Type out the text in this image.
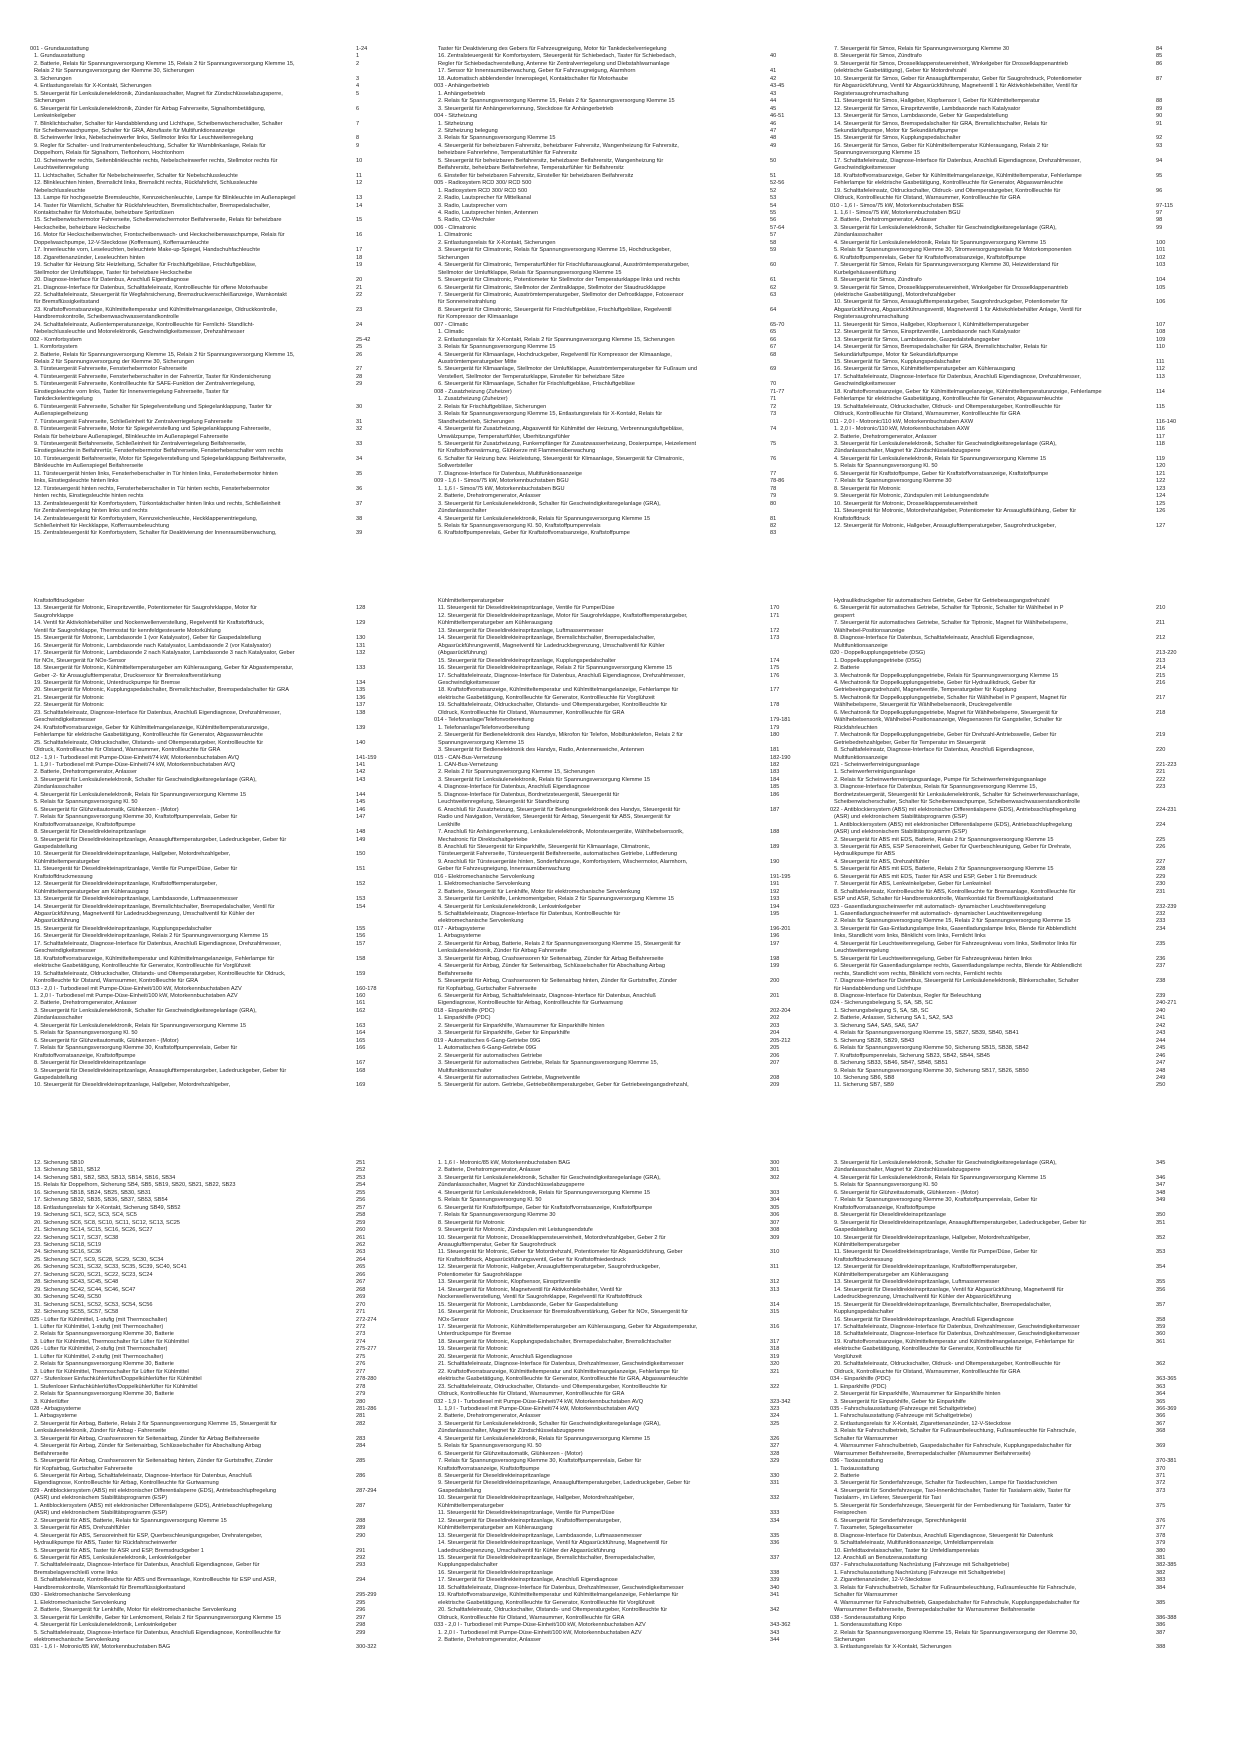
001 - Grundausstattung	1-24
1. Grundausstattung	1
2. Batterie, Relais für Spannungsversorgung Klemme 15, Relais 2 für Spannungsversorgung Klemme 15,	2
Relais 2 für Spannungsversorgung der Klemme 30, Sicherungen
3. Sicherungen	3
4. Entlastungsrelais für X-Kontakt, Sicherungen	4
5. Steuergerät für Lenksäulenelektronik, Zündanlassschalter, Magnet für Zündschlüsselabzugsperre,	5
Sicherungen
6. Steuergerät für Lenksäulenelektronik, Zünder für Airbag Fahrerseite, Signalhornbetätigung,	6
Lenkwinkelgeber
7. Blinklichtschalter, Schalter für Handabblendung und Lichthupe, Scheibenwischerschalter, Schalter	7
für Scheibenwaschpumpe, Schalter für GRA, Abrufiaste für Multifunktionsanzeige
8. Scheinwerfer links, Nebelscheinwerfer links, Stellmotor links für Leuchtweitenregelung	8
9. Regler für Schalter- und Instrumentenbeleuchtung, Schalter für Warnblinkanlage, Relais für	9
Doppelhorn, Relais für Signalhorn, Tieftonhorn, Hochtonhorn
10. Scheinwerfer rechts, Seitenblinkleuchte rechts, Nebelscheinwerfer rechts, Stellmotor rechts für	10
Leuchtweitenregelung
11. Lichtschalter, Schalter für Nebelscheinwerfer, Schalter für Nebelschlussleuchte	11
12. Blinkleuchten hinten, Bremslicht links, Bremslicht rechts, Rückfahrlicht, Schlussleuchte	12
Nebelschlussleuchte
13. Lampe für hochgesetzte Bremsleuchte, Kennzeichenleuchte, Lampe für Blinkleuchte im Außenspiegel	13
14. Taster für Warnlicht, Schalter für Rückfahrleuchten, Bremslichtschalter, Bremspedalschalter,	14
Kontaktschalter für Motorhaube, beheizbare Spritzdüsen
15. Scheibenwischermotor Fahrerseite, Scheibenwischermotor Beifahrerseite, Relais für beheizbare	15
Heckscheibe, beheizbare Heckscheibe
16. Motor für Heckscheibenwischer, Frontscheibenwasch- und Heckscheibenwaschpumpe, Relais für	16
Doppelwaschpumpe, 12-V-Steckdose (Kofferraum), Kofferraumleuchte
17. Innenleuchte vorn, Leseleuchten, beleuchtete Make-up-Spiegel, Handschuhfachleuchte	17
18. Zigarettenanzünder, Leseleuchten hinten	18
19. Schalter für Heizung Sitz Heizleitung, Schalter für Frischluftgebläse, Frischluftgebläse,	19
Stellmotor der Umluftklappe, Taster für beheizbare Heckscheibe
20. Diagnose-Interface für Datenbus, Anschluß Eigendiagnose	20
21. Diagnose-Interface für Datenbus, Schalttafeleinsatz, Kontrollleuchte für offene Motorhaube	21
22. Schalttafeleinsatz, Steuergerät für Wegfahrsicherung, Bremsdruckverschleißanzeige, Warnkontakt	22
für Bremsflüssigkeitsstand
23. Kraftstoffvorratsanzeige, Kühlmitteltemperatur und Kühlmittelmangelanzeige, Öldruckkontrolle,	23
Handbremskontrolle, Scheibenwaschwasserstandkontrolle
24. Schalttafeleinsatz, Außentemperaturanzeige, Kontrollleuchte für Fernlicht- Standlicht-	24
Nebelschlussleuchte und Motorelektronik, Geschwindigkeitsmesser, Drehzahlmesser
002 - Komfortsystem	25-42
1. Komfortsystem	25
2. Batterie, Relais für Spannungsversorgung Klemme 15, Relais 2 für Spannungsversorgung Klemme 15,	26
Relais 2 für Spannungsversorgung der Klemme 30, Sicherungen
3. Türsteuergerät Fahrerseite, Fensterhebermotor Fahrerseite	27
4. Türsteuergerät Fahrerseite, Fensterheberschalter in der Fahrertür, Taster für Kindersicherung	28
5. Türsteuergerät Fahrerseite, Kontrollleuchte für SAFE-Funktion der Zentralverriegelung,	29
Einstiegsleuchte vorn links, Taster für Innenverriegelung Fahrerseite, Taster für
Tankdeckelentriegelung
6. Türsteuergerät Fahrerseite, Schalter für Spiegelverstellung und Spiegelanklappung, Taster für	30
Außenspiegelheizung
7. Türsteuergerät Fahrerseite, Schließeinheit für Zentralverriegelung Fahrerseite	31
8. Türsteuergerät Fahrerseite, Motor für Spiegelverstellung und Spiegelanklappung Fahrerseite,	32
Relais für beheizbare Außenspiegel, Blinkleuchte im Außenspiegel Fahrerseite
9. Türsteuergerät Beifahrerseite, Schließeinheit für Zentralverriegelung Beifahrerseite,	33
Einstiegsleuchte in Beifahrertür, Fensterhebermotor Beifahrerseite, Fensterheberschalter vorn rechts
10. Türsteuergerät Beifahrerseite, Motor für Spiegelverstellung und Spiegelanklappung Beifahrerseite,	34
Blinkleuchte im Außenspiegel Beifahrerseite
11. Türsteuergerät hinten links, Fensterheberschalter in Tür hinten links, Fensterhebermotor hinten	35
links, Einstiegsleuchte hinten links
12. Türsteuergerät hinten rechts, Fensterheberschalter in Tür hinten rechts, Fensterhebermotor	36
hinten rechts, Einstiegsleuchte hinten rechts
13. Zentralsteuergerät für Komfortsystem, Türkontaktschalter hinten links und rechts, Schließeinheit	37
für Zentralverriegelung hinten links und rechts
14. Zentralsteuergerät für Komfortsystem, Kennzeichenleuchte, Heckklappenentriegelung,	38
Schließeinheit für Heckklappe, Kofferraumbeleuchtung
15. Zentralsteuergerät für Komfortsystem, Schalter für Deaktivierung der Innenraumüberwachung,	39
Taster für Deaktivierung des Gebers für Fahrzeugneigung, Motor für Tankdeckelverriegelung
16. Zentralsteuergerät für Komfortsystem, Steuergerät für Schiebedach, Taster für Schiebedach,	40
Regler für Schiebedachverstellung, Antenne für Zentralverriegelung und Diebstahlwarnanlage
17. Sensor für Innenraumüberwachung, Geber für Fahrzeugneigung, Alarmhorn	41
18. Automatisch abblendender Innenspiegel, Kontaktschalter für Motorhaube	42
003 - Anhängerbetrieb	43-45
1. Anhängerbetrieb	43
2. Relais für Spannungsversorgung Klemme 15, Relais 2 für Spannungsversorgung Klemme 15	44
3. Steuergerät für Anhängererkennung, Steckdose für Anhängerbetrieb	45
004 - Sitzheizung	46-51
1. Sitzheizung	46
2. Sitzheizung belegung	47
3. Relais für Spannungsversorgung Klemme 15	48
4. Steuergerät für beheizbaren Fahrersitz, beheizbarer Fahrersitz, Wangenheizung für Fahrersitz,	49
beheizbare Fahrerlehne, Temperaturfühler für Fahrersitz
5. Steuergerät für beheizbaren Beifahrersitz, beheizbarer Beifahrersitz, Wangenheizung für	50
Beifahrersitz, beheizbare Beifahrerlehne, Temperaturfühler für Beifahrersitz
6. Einsteller für beheizbaren Fahrersitz, Einsteller für beheizbaren Beifahrersitz	51
005 - Radiosystem RCD 300/ RCD 500	52-56
1. Radiosystem RCD 300/ RCD 500	52
2. Radio, Lautsprecher für Mittelkanal	53
3. Radio, Lautsprecher vorn	54
4. Radio, Lautsprecher hinten, Antennen	55
5. Radio, CD-Wechsler	56
006 - Climatronic	57-64
1. Climatronic	57
2. Entlastungsrelais für X-Kontakt, Sicherungen	58
3. Steuergerät für Climatronic, Relais für Spannungsversorgung Klemme 15, Hochdruckgeber,	59
Sicherungen
4. Steuergerät für Climatronic, Temperaturfühler für Frischluftansaugkanal, Ausströmtemperaturgeber,	60
Stellmotor der Umluftklappe, Relais für Spannungsversorgung Klemme 15
5. Steuergerät für Climatronic, Potentiometer für Stellmotor der Temperaturklappe links und rechts	61
6. Steuergerät für Climatronic, Stellmotor der Zentralklappe, Stellmotor der Staudruckklappe	62
7. Steuergerät für Climatronic, Ausströmtemperaturgeber, Stellmotor der Defrostklappe, Fotosensor	63
für Sonneneinstrahlung
8. Steuergerät für Climatronic, Steuergerät für Frischluftgebläse, Frischluftgebläse, Regelventil	64
für Kompressor der Klimaanlage
007 - Climatic	65-70
1. Climatic	65
2. Entlastungsrelais für X-Kontakt, Relais 2 für Spannungsversorgung Klemme 15, Sicherungen	66
3. Relais für Spannungsversorgung Klemme 15	67
4. Steuergerät für Klimaanlage, Hochdruckgeber, Regelventil für Kompressor der Klimaanlage,	68
Ausströmtemperaturgeber Mitte
5. Steuergerät für Klimaanlage, Stellmotor der Umluftklappe, Ausströmtemperaturgeber für Fußraum und	69
Verstellert, Stellmotor der Temperaturklappe, Einsteller für beheizbare Sitze
6. Steuergerät für Klimaanlage, Schalter für Frischluftgebläse, Frischluftgebläse	70
008 - Zusatzheizung (Zuheizer)	71-77
1. Zusatzheizung (Zuheizer)	71
2. Relais für Frischluftgebläse, Sicherungen	72
3. Relais für Spannungsversorgung Klemme 15, Entlastungsrelais für X-Kontakt, Relais für	73
Standheizbetrieb, Sicherungen
4. Steuergerät für Zusatzheizung, Abgasventil für Kühlmittel der Heizung, Verbrennungsluftgebläse,	74
Umwälzpumpe, Temperaturfühler, Überhitzungsfühler
5. Steuergerät für Zusatzheizung, Funkempfänger für Zusatzwasserheizung, Dosierpumpe, Heizelement	75
für Kraftstoffvorwärmung, Glühkerze mit Flammenüberwachung
6. Schalter für Heizung bzw. Heizleistung, Steuergerät für Klimaanlage, Steuergerät für Climatronic,	76
Sollwertsteller
7. Diagnose-Interface für Datenbus, Multifunktionsanzeige	77
009 - 1,6 l - Simos/75 kW, Motorkennbuchstaben BGU	78-86
1. 1,6 l - Simos/75 kW, Motorkennbuchstaben BGU	78
2. Batterie, Drehstromgenerator, Anlasser	79
3. Steuergerät für Lenksäulenelektronik, Schalter für Geschwindigkeitsregelanlage (GRA),	80
Zündanlassschalter
4. Steuergerät für Lenksäulenelektronik, Relais für Spannungsversorgung Klemme 15	81
5. Relais für Spannungsversorgung Kl. 50, Kraftstoffpumpenrelais	82
6. Kraftstoffpumpenrelais, Geber für Kraftstoffvorratsanzeige, Kraftstoffpumpe	83
7. Steuergerät für Simos, Relais für Spannungsversorgung Klemme 30	84
8. Steuergerät für Simos, Zündtrafo	85
9. Steuergerät für Simos, Drosselklappensteuereinheit, Winkelgeber für Drosselklappenantrieb	86
(elektrische Gasbetätigung), Geber für Motordrehzahl
10. Steuergerät für Simos, Geber für Ansauglufttemperatur, Geber für Saugrohrdruck, Potentiometer	87
für Abgasrückführung, Ventil für Abgasrückführung, Magnetventil 1 für Aktivkohlebehälter, Ventil für
Registersaugrohrumschaltung
11. Steuergerät für Simos, Hallgeber, Klopfsensor I, Geber für Kühlmitteltemperatur	88
12. Steuergerät für Simos, Einspritzventile, Lambdasonde nach Katalysator	89
13. Steuergerät für Simos, Lambdasonde, Geber für Gaspedalstellung	90
14. Steuergerät für Simos, Bremspedalschalter für GRA, Bremslichtschalter, Relais für	91
Sekundärluftpumpe, Motor für Sekundärluftpumpe
15. Steuergerät für Simos, Kupplungspedalschalter	92
16. Steuergerät für Simos, Geber für Kühlmitteltemperatur Kühlerausgang, Relais 2 für	93
Spannungsversorgung Klemme 15
17. Schalttafeleinsatz, Diagnose-Interface für Datenbus, Anschluß Eigendiagnose, Drehzahlmesser,	94
Geschwindigkeitsmesser
18. Kraftstoffvorratsanzeige, Geber für Kühlmittelmangelanzeige, Kühlmitteltemperatur, Fehlerlampe	95
Fehlerlampe für elektrische Gasbetätigung, Kontrollleuchte für Generator, Abgaswarnleuchte
19. Schalttafeleinsatz, Öldruckschalter, Öldruck- und Öltemperaturgeber, Kontrollleuchte für	96
Öldruck, Kontrollleuchte für Ölstand, Warnsummer, Kontrollleuchte für GRA
010 - 1,6 l - Simos/75 kW, Motorkennbuchstaben BSE	97-115
1. 1,6 l - Simos/75 kW, Motorkennbuchstaben BGU	97
2. Batterie, Drehstromgenerator, Anlasser	98
3. Steuergerät für Lenksäulenelektronik, Schalter für Geschwindigkeitsregelanlage (GRA),	99
Zündanlassschalter
4. Steuergerät für Lenksäulenelektronik, Relais für Spannungsversorgung Klemme 15	100
5. Relais für Spannungsversorgung Klemme 30, Stromversorgungsrelais für Motorkomponenten	101
6. Kraftstoffpumpenrelais, Geber für Kraftstoffvorratsanzeige, Kraftstoffpumpe	102
7. Steuergerät für Simos, Relais für Spannungsversorgung Klemme 30, Heizwiderstand für	103
Kurbelgehäuseentlüftung
8. Steuergerät für Simos, Zündtrafo	104
9. Steuergerät für Simos, Drosselklappensteuereinheit, Winkelgeber für Drosselklappenantrieb	105
(elektrische Gasbetätigung), Motordrehzahlgeber
10. Steuergerät für Simos, Ansauglufttemperaturgeber, Saugrohrdruckgeber, Potentiometer für	106
Abgasrückführung, Abgasrückführungsventil, Magnetventil 1 für Aktivkohlebehälter Anlage, Ventil für
Registersaugrohrumschaltung
11. Steuergerät für Simos, Hallgeber, Klopfsensor I, Kühlmitteltemperaturgeber	107
12. Steuergerät für Simos, Einspritzventile, Lambdasonde nach Katalysator	108
13. Steuergerät für Simos, Lambdasonde, Gaspedalstellungsgeber	109
14. Steuergerät für Simos, Bremspedalschalter für GRA, Bremslichtschalter, Relais für	110
Sekundärluftpumpe, Motor für Sekundärluftpumpe
15. Steuergerät für Simos, Kupplungspedalschalter	111
16. Steuergerät für Simos, Kühlmitteltemperaturgeber am Kühlerausgang	112
17. Schalttafeleinsatz, Diagnose-Interface für Datenbus, Anschluß Eigendiagnose, Drehzahlmesser,	113
Geschwindigkeitsmesser
18. Kraftstoffvorratsanzeige, Geber für Kühlmittelmangelanzeige, Kühlmitteltemperaturanzeige, Fehlerlampe	114
Fehlerlampe für elektrische Gasbetätigung, Kontrollleuchte für Generator, Abgaswarnleuchte
19. Schalttafeleinsatz, Öldruckschalter, Öldruck- und Öltemperaturgeber, Kontrollleuchte für	115
Öldruck, Kontrollleuchte für Ölstand, Warnsummer, Kontrollleuchte für GRA
011 - 2,0 l - Motronic/110 kW, Motorkennbuchstaben AXW	116-140
1. 2,0 l - Motronic/110 kW, Motorkennbuchstaben AXW	116
2. Batterie, Drehstromgenerator, Anlasser	117
3. Steuergerät für Lenksäulenelektronik, Schalter für Geschwindigkeitsregelanlage (GRA),	118
Zündanlassschalter, Magnet für Zündschlüsselabzugsperre
4. Steuergerät für Lenksäulenelektronik, Relais für Spannungsversorgung Klemme 15	119
5. Relais für Spannungsversorgung Kl. 50	120
6. Steuergerät für Kraftstoffpumpe, Geber für Kraftstoffvorratsanzeige, Kraftstoffpumpe	121
7. Relais für Spannungsversorgung Klemme 30	122
8. Steuergerät für Motronic	123
9. Steuergerät für Motronic, Zündspulen mit Leistungsendstufe	124
10. Steuergerät für Motronic, Drosselklappensteuereinheit	125
11. Steuergerät für Motronic, Motordrehzahlgeber, Potentiometer für Ansaugluftkühlung, Geber für	126
Kraftstoffdruck
12. Steuergerät für Motronic, Hallgeber, Ansauglufttemperaturgeber, Saugrohrdruckgeber,	127
Kraftstoffdruckgeber
13. Steuergerät für Motronic, Einspritzventile, Potentiometer für Saugrohrklappe, Motor für	128
Saugrohrklappe
14. Ventil für Aktivkohlebehälter und Nockenwellenverstellung, Regelventil für Kraftstoffdruck,	129
Ventil für Saugrohrklappe, Thermostat für kennfeldgesteuerte Motorkühlung
15. Steuergerät für Motronic, Lambdasonde 1 (vor Katalysator), Geber für Gaspedalstellung	130
16. Steuergerät für Motronic, Lambdasonde nach Katalysator, Lambdasonde 2 (vor Katalysator)	131
17. Steuergerät für Motronic, Lambdasonde 2 nach Katalysator, Lambdasonde 3 nach Katalysator, Geber	132
für NOx, Steuergerät für NOx-Sensor
18. Steuergerät für Motronic, Kühlmitteltemperaturgeber am Kühlerausgang, Geber für Abgastemperatur,	133
Geber -2- für Ansauglufttemperatur, Drucksensor für Bremskraftverstärkung
19. Steuergerät für Motronic, Unterdruckpumpe für Bremse	134
20. Steuergerät für Motronic, Kupplungspedalschalter, Bremslichtschalter, Bremspedalschalter für GRA	135
21. Steuergerät für Motronic	136
22. Steuergerät für Motronic	137
23. Schalttafeleinsatz, Diagnose-Interface für Datenbus, Anschluß Eigendiagnose, Drehzahlmesser,	138
Geschwindigkeitsmesser
24. Kraftstoffvorratsanzeige, Geber für Kühlmittelmangelanzeige, Kühlmitteltemperaturanzeige,	139
Fehlerlampe für elektrische Gasbetätigung, Kontrollleuchte für Generator, Abgaswarnleuchte
25. Schalttafeleinsatz, Öldruckschalter, Ölstands- und Öltemperaturgeber, Kontrollleuchte für	140
Öldruck, Kontrollleuchte für Ölstand, Warnsummer, Kontrollleuchte für GRA
012 - 1,9 l - Turbodiesel mit Pumpe-Düse-Einheit/74 kW, Motorkennbuchstaben AVQ	141-159
1. 1,9 l - Turbodiesel mit Pumpe-Düse-Einheit/74 kW, Motorkennbuchstaben AVQ	141
2. Batterie, Drehstromgenerator, Anlasser	142
3. Steuergerät für Lenksäulenelektronik, Schalter für Geschwindigkeitsregelanlage (GRA),	143
Zündanlassschalter
4. Steuergerät für Lenksäulenelektronik, Relais für Spannungsversorgung Klemme 15	144
5. Relais für Spannungsversorgung Kl. 50	145
6. Steuergerät für Glühzeitautomatik, Glühkerzen - (Motor)	146
7. Relais für Spannungsversorgung Klemme 30, Kraftstoffpumpenrelais, Geber für	147
Kraftstoffvorratsanzeige, Kraftstoffpumpe
8. Steuergerät für Dieseldirekteinspritzanlage	148
9. Steuergerät für Dieseldirekteinspritzanlage, Ansauglufttemperaturgeber, Ladedruckgeber, Geber für	149
Gaspedalstellung
10. Steuergerät für Dieseldirekteinspritzanlage, Hallgeber, Motordrehzahlgeber,	150
Kühlmitteltemperaturgeber
11. Steuergerät für Dieseldirekteinspritzanlage, Ventile für Pumpe/Düse, Geber für	151
Kraftstoffdruckmessung
12. Steuergerät für Dieseldirekteinspritzanlage, Kraftstofftemperaturgeber,	152
Kühlmitteltemperaturgeber am Kühlerausgang
13. Steuergerät für Dieseldirekteinspritzanlage, Lambdasonde, Luftmassenmesser	153
14. Steuergerät für Dieseldirekteinspritzanlage, Bremslichtschalter, Bremspedalschalter, Ventil für	154
Abgasrückführung, Magnetventil für Ladedruckbegrenzung, Umschaltventil für Kühler der
Abgasrückführung
15. Steuergerät für Dieseldirekteinspritzanlage, Kupplungspedalschalter	155
16. Steuergerät für Dieseldirekteinspritzanlage, Relais 2 für Spannungsversorgung Klemme 15	156
17. Schalttafeleinsatz, Diagnose-Interface für Datenbus, Anschluß Eigendiagnose, Drehzahlmesser,	157
Geschwindigkeitsmesser
18. Kraftstoffvorratsanzeige, Kühlmitteltemperatur und Kühlmittelmangelanzeige, Fehlerlampe für	158
elektrische Gasbetätigung, Kontrollleuchte für Generator, Kontrollleuchte für Vorglühzeit
19. Schalttafeleinsatz, Öldruckschalter, Ölstands- und Öltemperaturgeber, Kontrollleuchte für Öldruck,	159
Kontrollleuchte für Ölstand, Warnsummer, Kontrollleuchte für GRA
013 - 2,0 l - Turbodiesel mit Pumpe-Düse-Einheit/100 kW, Motorkennbuchstaben AZV	160-178
1. 2,0 l - Turbodiesel mit Pumpe-Düse-Einheit/100 kW, Motorkennbuchstaben AZV	160
2. Batterie, Drehstromgenerator, Anlasser	161
3. Steuergerät für Lenksäulenelektronik, Schalter für Geschwindigkeitsregelanlage (GRA),	162
Zündanlassschalter
4. Steuergerät für Lenksäulenelektronik, Relais für Spannungsversorgung Klemme 15	163
5. Relais für Spannungsversorgung Kl. 50	164
6. Steuergerät für Glühzeitautomatik, Glühkerzen - (Motor)	165
7. Relais für Spannungsversorgung Klemme 30, Kraftstoffpumpenrelais, Geber für	166
Kraftstoffvorratsanzeige, Kraftstoffpumpe
8. Steuergerät für Dieseldirekteinspritzanlage	167
9. Steuergerät für Dieseldirekteinspritzanlage, Ansauglufttemperaturgeber, Ladedruckgeber, Geber für	168
Gaspedalstellung
10. Steuergerät für Dieseldirekteinspritzanlage, Hallgeber, Motordrehzahlgeber,	169
Kühlmitteltemperaturgeber
11. Steuergerät für Dieseldirekteinspritzanlage, Ventile für Pumpe/Düse	170
12. Steuergerät für Dieseldirekteinspritzanlage, Motor für Saugrohrklappe, Kraftstofftemperaturgeber,	171
Kühlmitteltemperaturgeber am Kühlerausgang
13. Steuergerät für Dieseldirekteinspritzanlage, Luftmassenmesser	172
14. Steuergerät für Dieseldirekteinspritzanlage, Bremslichtschalter, Bremspedalschalter,	173
Abgasrückführungsventil, Magnetventil für Ladedruckbegrenzung, Umschaltventil für Kühler
(Abgasrückführung)
15. Steuergerät für Dieseldirekteinspritzanlage, Kupplungspedalschalter	174
16. Steuergerät für Dieseldirekteinspritzanlage, Relais 2 für Spannungsversorgung Klemme 15	175
17. Schalttafeleinsatz, Diagnose-Interface für Datenbus, Anschluß Eigendiagnose, Drehzahlmesser,	176
Geschwindigkeitsmesser
18. Kraftstoffvorratsanzeige, Kühlmitteltemperatur und Kühlmittelmangelanzeige, Fehlerlampe für	177
elektrische Gasbetätigung, Kontrollleuchte für Generator, Kontrollleuchte für Vorglühzeit
19. Schalttafeleinsatz, Öldruckschalter, Ölstands- und Öltemperaturgeber, Kontrollleuchte für	178
Öldruck, Kontrollleuchte für Ölstand, Warnsummer, Kontrollleuchte für GRA
014 - Telefonanlage/Telefonvorbereitung	179-181
1. Telefonanlage/Telefonvorbereitung	179
2. Steuergerät für Bedienelektronik des Handys, Mikrofon für Telefon, Mobiltunktelefon, Relais 2 für	180
Spannungsversorgung Klemme 15
3. Steuergerät für Bedienelektronik des Handys, Radio, Antennenweiche, Antennen	181
015 - CAN-Bus-Vernetzung	182-190
1. CAN-Bus-Vernetzung	182
2. Relais 2 für Spannungsversorgung Klemme 15, Sicherungen	183
3. Steuergerät für Lenksäulenelektronik, Relais für Spannungsversorgung Klemme 15	184
4. Diagnose-Interface für Datenbus, Anschluß Eigendiagnose	185
5. Diagnose-Interface für Datenbus, Bordnetzsteuergerät, Steuergerät für	186
Leuchtweitenregelung, Steuergerät für Standheizung
6. Anschluß für Zusatzheizung, Steuergerät für Bedienungselektronik des Handys, Steuergerät für	187
Radio und Navigation, Verstärker, Steuergerät für Airbag, Steuergerät für ABS, Steuergerät für
Lenkhilfe
7. Anschluß für Anhängererkennung, Lenksäulenelektronik, Motorsteuergeräte, Wählhebelsensorik,	188
Mechatronic für Direktschaltgetriebe
8. Anschluß für Steuergerät für Einparkhilfe, Steuergerät für Klimaanlage, Climatronic,	189
Türsteuergerät Fahrerseite, Türsteuergerät Beifahrerseite, automatisches Getriebe, Luftfederung
9. Anschluß für Türsteuergeräte hinten, Sonderfahrzeuge, Komfortsystem, Wischermotor, Alarmhorn,	190
Geber für Fahrzeugneigung, Innenraumüberwachung
016 - Elektromechanische Servolenkung	191-195
1. Elektromechanische Servolenkung	191
2. Batterie, Steuergerät für Lenkhilfe, Motor für elektromechanische Servolenkung	192
3. Steuergerät für Lenkhilfe, Lenkmomentgeber, Relais 2 für Spannungsversorgung Klemme 15	193
4. Steuergerät für Lenksäulenelektronik, Lenkwinkelgeber	194
5. Schalttafeleinsatz, Diagnose-Interface für Datenbus, Kontrollleuchte für	195
elektromechanische Servolenkung
017 - Airbagsysteme	196-201
1. Airbagsysteme	196
2. Steuergerät für Airbag, Batterie, Relais 2 für Spannungsversorgung Klemme 15, Steuergerät für	197
Lenksäulenelektronik, Zünder für Airbag Fahrerseite
3. Steuergerät für Airbag, Crashsensoren für Seitenairbag, Zünder für Airbag Beifahrerseite	198
4. Steuergerät für Airbag, Zünder für Seitenairbag, Schlüsselschalter für Abschaltung Airbag	199
Beifahrerseite
5. Steuergerät für Airbag, Crashsensoren für Seitenairbag hinten, Zünder für Gurtstraffer, Zünder	200
für Kopfairbag, Gurtschalter Fahrerseite
6. Steuergerät für Airbag, Schalttafeleinsatz, Diagnose-Interface für Datenbus, Anschluß	201
Eigendiagnose, Kontrollleuchte für Airbag, Kontrollleuchte für Gurtwarnung
018 - Einparkhilfe (PDC)	202-204
1. Einparkhilfe (PDC)	202
2. Steuergerät für Einparkhilfe, Warnsummer für Einparkhilfe hinten	203
3. Steuergerät für Einparkhilfe, Geber für Einparkhilfe	204
019 - Automatisches 6-Gang-Getriebe 09G	205-212
1. Automatisches 6-Gang-Getriebe 09G	205
2. Steuergerät für automatisches Getriebe	206
3. Steuergerät für automatisches Getriebe, Relais für Spannungsversorgung Klemme 15,	207
Multifunktionsschalter
4. Steuergerät für automatisches Getriebe, Magnetventile	208
5. Steuergerät für autom. Getriebe, Getriebeöltemperaturgeber, Geber für Getriebeeingangsdrehzahl,	209
Hydraulikdruckgeber für automatisches Getriebe, Geber für Getriebeausgangsdrehzahl
6. Steuergerät für automatisches Getriebe, Schalter für Tiptronic, Schalter für Wählhebel in P	210
gesperrt
7. Steuergerät für automatisches Getriebe, Schalter für Tiptronic, Magnet für Wählhebelsperre,	211
Wählhebel-Positionsanzeige
8. Diagnose-Interface für Datenbus, Schalttafeleinsatz, Anschluß Eigendiagnose,	212
Multifunktionsanzeige
020 - Doppelkupplungsgetriebe (DSG)	213-220
1. Doppelkupplungsgetriebe (DSG)	213
2. Batterie	214
3. Mechatronik für Doppelkupplungsgetriebe, Relais für Spannungsversorgung Klemme 15	215
4. Mechatronik für Doppelkupplungsgetriebe, Geber für Hydraulikdruck, Geber für	216
Getriebeeingangsdrehzahl, Magnetventile, Temperaturgeber für Kupplung
5. Mechatronik für Doppelkupplungsgetriebe, Schalter für Wählhebel in P gesperrt, Magnet für	217
Wählhebelsperre, Steuergerät für Wählhebelsensorik, Druckregelventile
6. Mechatronik für Doppelkupplungsgetriebe, Magnet für Wählhebelsperre, Steuergerät für	218
Wählhebelsensorik, Wählhebel-Positionsanzeige, Wegsensoren für Gangsteller, Schalter für
Rückfahrleuchten
7. Mechatronik für Doppelkupplungsgetriebe, Geber für Drehzahl-Antriebswelle, Geber für	219
Getriebedrehzahlgeber, Geber für Temperatur im Steuergerät
8. Schalttafeleinsatz, Diagnose-Interface für Datenbus, Anschluß Eigendiagnose,	220
Multifunktionsanzeige
021 - Scheinwerferreinigungsanlage	221-223
1. Scheinwerferreinigungsanlage	221
2. Relais für Scheinwerferreinigungsanlage, Pumpe für Scheinwerferreinigungsanlage	222
3. Diagnose-Interface für Datenbus, Relais für Spannungsversorgung Klemme 15,	223
Bordnetzsteuergerät, Steuergerät für Lenksäulenelektronik, Schalter für Scheinwerferwaschanlage,
Scheibenwischerschalter, Schalter für Scheibenwaschpumpe, Scheibenwaschwasserstandkontrolle
022 - Antiblockiersystem (ABS) mit elektronischer Differentialsperre (EDS), Antriebsschlupfregelung	224-231
(ASR) und elektronischem Stabilitätsprogramm (ESP)
1. Antiblockiersystem (ABS) mit elektronischer Differentialsperre (EDS), Antriebsschlupfregelung	224
(ASR) und elektronischem Stabilitätsprogramm (ESP)
2. Steuergerät für ABS mit EDS, Batterie, Relais 2 für Spannungsversorgung Klemme 15	225
3. Steuergerät für ABS, ESP Sensoreinheit, Geber für Querbeschleunigung, Geber für Drehrate,	226
Hydraulikpumpe für ABS
4. Steuergerät für ABS, Drehzahlfühler	227
5. Steuergerät für ABS mit EDS, Batterie, Relais 2 für Spannungsversorgung Klemme 15	228
6. Steuergerät für ABS mit EDS, Taster für ASR und ESP, Geber 1 für Bremsdruck	229
7. Steuergerät für ABS, Lenkwinkelgeber, Geber für Lenkwinkel	230
8. Schalttafeleinsatz, Kontrollleuchte für ABS, Kontrollleuchte für Bremsanlage, Kontrollleuchte für	231
ESP und ASR, Schalter für Handbremskontrolle, Warnkontakt für Bremsflüssigkeitsstand
023 - Gasentladungsscheinwerfer mit automatisch- dynamischer Leuchtweitenregelung	232-239
1. Gasentladungsscheinwerfer mit automatisch- dynamischer Leuchtweitenregelung	232
2. Relais für Spannungsversorgung Klemme 15, Relais 2 für Spannungsversorgung Klemme 15	233
3. Steuergerät für Gas-Entladungslampe links, Gasentladungslampe links, Blende für Abblendlicht	234
links, Standlicht vorn links, Blinklicht vorn links, Fernlicht links
4. Steuergerät für Leuchtweitenregelung, Geber für Fahrzeugniveau vorn links, Stellmotor links für	235
Leuchtweitenregelung
5. Steuergerät für Leuchtweitenregelung, Geber für Fahrzeugniveau hinten links	236
6. Steuergerät für Gasentladungslampe rechts, Gasentladungslampe rechts, Blende für Abblendlicht	237
rechts, Standlicht vorn rechts, Blinklicht vorn rechts, Fernlicht rechts
7. Diagnose-Interface für Datenbus, Steuergerät für Lenksäulenelektronik, Blinkerschalter, Schalter	238
für Handabblendung und Lichthupe
8. Diagnose-Interface für Datenbus, Regler für Beleuchtung	239
024 - Sicherungsbelegung S, SA, SB, SC	240-271
1. Sicherungsbelegung S, SA, SB, SC	240
2. Batterie, Anlasser, Sicherung SA 1, SA2, SA3	241
3. Sicherung SA4, SA5, SA6, SA7	242
4. Relais für Spannungsversorgung Klemme 15, SB27, SB39, SB40, SB41	243
5. Sicherung SB28, SB29, SB43	244
6. Relais für Spannungsversorgung Klemme 50, Sicherung SB15, SB38, SB42	245
7. Kraftstoffpumpenrelais, Sicherung SB23, SB42, SB44, SB45	246
8. Sicherung SB33, SB46, SB47, SB48, SB51	247
9. Relais für Spannungsversorgung Klemme 30, Sicherung SB17, SB26, SB50	248
10. Sicherung SB6, SB8	249
11. Sicherung SB7, SB9	250
12. Sicherung SB10	251
13. Sicherung SB11, SB12	252
14. Sicherung SB1, SB2, SB3, SB13, SB14, SB16, SB34	253
15. Relais für Doppelhorn, Sicherung SB4, SB5, SB19, SB20, SB21, SB22, SB23	254
16. Sicherung SB18, SB24, SB25, SB30, SB31	255
17. Sicherung SB32, SB35, SB36, SB37, SB53, SB54	256
18. Entlastungsrelais für X-Kontakt, Sicherung SB49, SB52	257
19. Sicherung SC1, SC2, SC3, SC4, SC5	258
20. Sicherung SC6, SC8, SC10, SC11, SC12, SC13, SC25	259
21. Sicherung SC14, SC15, SC16, SC26, SC27	260
22. Sicherung SC17, SC37, SC38	261
23. Sicherung SC18, SC19	262
24. Sicherung SC16, SC36	263
25. Sicherung SC7, SC9, SC28, SC29, SC30, SC34	264
26. Sicherung SC31, SC32, SC33, SC35, SC39, SC40, SC41	265
27. Sicherung SC20, SC21, SC22, SC23, SC24	266
28. Sicherung SC43, SC45, SC48	267
29. Sicherung SC42, SC44, SC46, SC47	268
30. Sicherung SC49, SC50	269
31. Sicherung SC51, SC52, SC53, SC54, SC56	270
32. Sicherung SC55, SC57, SC58	271
025 - Lüfter für Kühlmittel, 1-stufig (mit Thermoschalter)	272-274
1. Lüfter für Kühlmittel, 1-stufig (mit Thermoschalter)	272
2. Relais für Spannungsversorgung Klemme 30, Batterie	273
3. Lüfter für Kühlmittel, Thermoschalter für Lüfter für Kühlmittel	274
026 - Lüfter für Kühlmittel, 2-stufig (mit Thermoschalter)	275-277
1. Lüfter für Kühlmittel, 2-stufig (mit Thermoschalter)	275
2. Relais für Spannungsversorgung Klemme 30, Batterie	276
3. Lüfter für Kühlmittel, Thermoschalter für Lüfter für Kühlmittel	277
027 - Stufenloser Einfachkühlerlüfter/Doppelkühlerlüfter für Kühlmittel	278-280
1. Stufenloser Einfachkühlerlüfter/Doppelkühlerlüfter für Kühlmittel	278
2. Relais für Spannungsversorgung Klemme 30, Batterie	279
3. Kühlerlüfter	280
028 - Airbagsysteme	281-286
1. Airbagsysteme	281
2. Steuergerät für Airbag, Batterie, Relais 2 für Spannungsversorgung Klemme 15, Steuergerät für	282
Lenksäulenelektronik, Zünder für Airbag - Fahrerseite
3. Steuergerät für Airbag, Crashsensoren für Seitenairbag, Zünder für Airbag Beifahrerseite	283
4. Steuergerät für Airbag, Zünder für Seitenairbag, Schlüsselschalter für Abschaltung Airbag	284
Beifahrerseite
5. Steuergerät für Airbag, Crashsensoren für Seitenairbag hinten, Zünder für Gurtstraffer, Zünder	285
für Kopfairbag, Gurtschalter Fahrerseite
6. Steuergerät für Airbag, Schalttafeleinsatz, Diagnose-Interface für Datenbus, Anschluß	286
Eigendiagnose, Kontrollleuchte für Airbag, Kontrollleuchte für Gurtwarnung
029 - Antiblockiersystem (ABS) mit elektronischer Differentialsperre (EDS), Antriebsschlupfregelung	287-294
(ASR) und elektronischem Stabilitätsprogramm (ESP)
1. Antiblockiersystem (ABS) mit elektronischer Differentialsperre (EDS), Antriebsschlupfregelung	287
(ASR) und elektronischem Stabilitätsprogramm (ESP)
2. Steuergerät für ABS, Batterie, Relais für Spannungsversorgung Klemme 15	288
3. Steuergerät für ABS, Drehzahlfühler	289
4. Steuergerät für ABS, Sensoreinheit für ESP, Querbeschleunigungsgeber, Drehratengeber,	290
Hydraulikpumpe für ABS, Taster für Rückfahrscheinwerfer
5. Steuergerät für ABS, Taster für ASR und ESP, Bremsdruckgeber 1	291
6. Steuergerät für ABS, Lenksäulenelektronik, Lenkwinkelgeber	292
7. Schalttafeleinsatz, Diagnose-Interface für Datenbus, Anschluß Eigendiagnose, Geber für	293
Bremsbelagverschleiß vorne links
8. Schalttafeleinsatz, Kontrollleuchte für ABS und Bremsanlage, Kontrollleuchte für ESP und ASR,	294
Handbremskontrolle, Warnkontakt für Bremsflüssigkeitsstand
030 - Elektromechanische Servolenkung	295-299
1. Elektromechanische Servolenkung	295
2. Batterie, Steuergerät für Lenkhilfe, Motor für elektromechanische Servolenkung	296
3. Steuergerät für Lenkhilfe, Geber für Lenkmoment, Relais 2 für Spannungsversorgung Klemme 15	297
4. Steuergerät für Lenksäulenelektronik, Lenkwinkelgeber	298
5. Schalttafeleinsatz, Diagnose-Interface für Datenbus, Anschluß Eigendiagnose, Kontrollleuchte für	299
elektromechanische Servolenkung
031 - 1,6 l - Motronic/85 kW, Motorkennbuchstaben BAG	300-322
1. 1,6 l - Motronic/85 kW, Motorkennbuchstaben BAG	300
2. Batterie, Drehstromgenerator, Anlasser	301
3. Steuergerät für Lenksäulenelektronik, Schalter für Geschwindigkeitsregelanlage (GRA),	302
Zündanlassschalter, Magnet für Zündschlüsselabzugsperre
4. Steuergerät für Lenksäulenelektronik, Relais für Spannungsversorgung Klemme 15	303
5. Relais für Spannungsversorgung Kl. 50	304
6. Steuergerät für Kraftstoffpumpe, Geber für Kraftstoffvorratsanzeige, Kraftstoffpumpe	305
7. Relais für Spannungsversorgung Klemme 30	306
8. Steuergerät für Motronic	307
9. Steuergerät für Motronic, Zündspulen mit Leistungsendstufe	308
10. Steuergerät für Motronic, Drosselklappensteuereinheit, Motordrehzahlgeber, Geber 2 für	309
Ansauglufttemperatur, Geber für Saugrohrdruck
11. Steuergerät für Motronic, Geber für Motordrehzahl, Potentiometer für Abgasrückführung, Geber	310
für Kraftstoffdruck, Abgasrückführungsventil, Geber für Kraftstoffniederdruck
12. Steuergerät für Motronic, Hallgeber, Ansauglufttemperaturgeber, Saugrohrdruckgeber,	311
Potentiometer für Saugrohrklappe
13. Steuergerät für Motronic, Klopfsensor, Einspritzventile	312
14. Steuergerät für Motronic, Magnetventil für Aktivkohlebehälter, Ventil für	313
Nockenwellenverstellung, Ventil für Saugrohrklappe, Regelventil für Kraftstoffdruck
15. Steuergerät für Motronic, Lambdasonde, Geber für Gaspedalstellung	314
16. Steuergerät für Motronic, Drucksensor für Bremskraftverstärkung, Geber für NOx, Steuergerät für	315
NOx-Sensor
17. Steuergerät für Motronic, Kühlmitteltemperaturgeber am Kühlerausgang, Geber für Abgastemperatur,	316
Unterdruckpumpe für Bremse
18. Steuergerät für Motronic, Kupplungspedalschalter, Bremspedalschalter, Bremslichtschalter	317
19. Steuergerät für Motronic	318
20. Steuergerät für Motronic, Anschluß Eigendiagnose	319
21. Schalttafeleinsatz, Diagnose-Interface für Datenbus, Drehzahlmesser, Geschwindigkeitsmesser	320
22. Kraftstoffvorratsanzeige, Kühlmitteltemperatur und Kühlmittelmangelanzeige, Fehlerlampe für	321
elektrische Gasbetätigung, Kontrollleuchte für Generator, Kontrollleuchte für GRA, Abgaswarnleuchte
23. Schalttafeleinsatz, Öldruckschalter, Ölstands- und Öltemperaturgeber, Kontrollleuchte für	322
Öldruck, Kontrollleuchte für Ölstand, Warnsummer, Kontrollleuchte für GRA
032 - 1,9 l - Turbodiesel mit Pumpe-Düse-Einheit/74 kW, Motorkennbuchstaben AVQ	323-342
1. 1,9 l - Turbodiesel mit Pumpe-Düse-Einheit/74 kW, Motorkennbuchstaben AVQ	323
2. Batterie, Drehstromgenerator, Anlasser	324
3. Steuergerät für Lenksäulenelektronik, Schalter für Geschwindigkeitsregelanlage (GRA),	325
Zündanlassschalter, Magnet für Zündschlüsselabzugsperre
4. Steuergerät für Lenksäulenelektronik, Relais für Spannungsversorgung Klemme 15	326
5. Relais für Spannungsversorgung Kl. 50	327
6. Steuergerät für Glühzeitautomatik, Glühkerzen - (Motor)	328
7. Relais für Spannungsversorgung Klemme 30, Kraftstoffpumpenrelais, Geber für	329
Kraftstoffvorratsanzeige, Kraftstoffpumpe
8. Steuergerät für Dieseldirekteinspritzanlage	330
9. Steuergerät für Dieseldirekteinspritzanlage, Ansauglufttemperaturgeber, Ladedruckgeber, Geber für	331
Gaspedalstellung
10. Steuergerät für Dieseldirekteinspritzanlage, Hallgeber, Motordrehzahlgeber,	332
Kühlmitteltemperaturgeber
11. Steuergerät für Dieseldirekteinspritzanlage, Ventile für Pumpe/Düse	333
12. Steuergerät für Dieseldirekteinspritzanlage, Kraftstofftemperaturgeber,	334
Kühlmitteltemperaturgeber am Kühlerausgang
13. Steuergerät für Dieseldirekteinspritzanlage, Lambdasonde, Luftmassenmesser	335
14. Steuergerät für Dieseldirekteinspritzanlage, Ventil für Abgasrückführung, Magnetventil für	336
Ladedruckbegrenzung, Umschaltventil für Kühler der Abgasrückführung
15. Steuergerät für Dieseldirekteinspritzanlage, Bremslichtschalter, Bremspedalschalter,	337
Kupplungspedalschalter
16. Steuergerät für Dieseldirekteinspritzanlage	338
17. Steuergerät für Dieseldirekteinspritzanlage, Anschluß Eigendiagnose	339
18. Schalttafeleinsatz, Diagnose-Interface für Datenbus, Drehzahlmesser, Geschwindigkeitsmesser	340
19. Kraftstoffvorratsanzeige, Kühlmitteltemperatur und Kühlmittelmangelanzeige, Fehlerlampe für	341
elektrische Gasbetätigung, Kontrollleuchte für Generator, Kontrollleuchte für Vorglühzeit
20. Schalttafeleinsatz, Öldruckschalter, Ölstands- und Öltemperaturgeber, Kontrollleuchte für	342
Öldruck, Kontrollleuchte für Ölstand, Warnsummer, Kontrollleuchte für GRA
033 - 2,0 l - Turbodiesel mit Pumpe-Düse-Einheit/100 kW, Motorkennbuchstaben AZV	343-362
1. 2,0 l - Turbodiesel mit Pumpe-Düse-Einheit/100 kW, Motorkennbuchstaben AZV	343
2. Batterie, Drehstromgenerator, Anlasser	344
3. Steuergerät für Lenksäulenelektronik, Schalter für Geschwindigkeitsregelanlage (GRA),	345
Zündanlassschalter, Magnet für Zündschlüsselabzugsperre
4. Steuergerät für Lenksäulenelektronik, Relais für Spannungsversorgung Klemme 15	346
5. Relais für Spannungsversorgung Kl. 50	347
6. Steuergerät für Glühzeitautomatik, Glühkerzen - (Motor)	348
7. Relais für Spannungsversorgung Klemme 30, Kraftstoffpumpenrelais, Geber für	349
Kraftstoffvorratsanzeige, Kraftstoffpumpe
8. Steuergerät für Dieseldirekteinspritzanlage	350
9. Steuergerät für Dieseldirekteinspritzanlage, Ansauglufttemperaturgeber, Ladedruckgeber, Geber für	351
Gaspedalstellung
10. Steuergerät für Dieseldirekteinspritzanlage, Hallgeber, Motordrehzahlgeber,	352
Kühlmitteltemperaturgeber
11. Steuergerät für Dieseldirekteinspritzanlage, Ventile für Pumpe/Düse, Geber für	353
Kraftstoffdruckmessung
12. Steuergerät für Dieseldirekteinspritzanlage, Kraftstofftemperaturgeber,	354
Kühlmitteltemperaturgeber am Kühlerausgang
13. Steuergerät für Dieseldirekteinspritzanlage, Luftmassenmesser	355
14. Steuergerät für Dieseldirekteinspritzanlage, Ventil für Abgasrückführung, Magnetventil für	356
Ladedruckbegrenzung, Umschaltventil für Kühler der Abgasrückführung
15. Steuergerät für Dieseldirekteinspritzanlage, Bremslichtschalter, Bremspedalschalter,	357
Kupplungspedalschalter
16. Steuergerät für Dieseldirekteinspritzanlage, Anschluß Eigendiagnose	358
17. Schalttafeleinsatz, Diagnose-Interface für Datenbus, Drehzahlmesser, Geschwindigkeitsmesser	359
18. Schalttafeleinsatz, Diagnose-Interface für Datenbus, Drehzahlmesser, Geschwindigkeitsmesser	360
19. Kraftstoffvorratsanzeige, Kühlmitteltemperatur und Kühlmittelmangelanzeige, Fehlerlampe für	361
elektrische Gasbetätigung, Kontrollleuchte für Generator, Kontrollleuchte für
Vorglühzeit
20. Schalttafeleinsatz, Öldruckschalter, Öldruck- und Öltemperaturgeber, Kontrollleuchte für	362
Öldruck, Kontrollleuchte für Ölstand, Warnsummer, Kontrollleuchte für GRA
034 - Einparkhilfe (PDC)	363-365
1. Einparkhilfe (PDC)	363
2. Steuergerät für Einparkhilfe, Warnsummer für Einparkhilfe hinten	364
3. Steuergerät für Einparkhilfe, Geber für Einparkhilfe	365
035 - Fahrschulausstattung (Fahrzeuge mit Schaltgetriebe)	366-369
1. Fahrschulausstattung (Fahrzeuge mit Schaltgetriebe)	366
2. Entlastungsrelais für X-Kontakt, Zigarettenanzünder, 12-V-Steckdose	367
3. Relais für Fahrschulbetrieb, Schalter für Fußraumbeleuchtung, Fußraumleuchte für Fahrschule,	368
Schalter für Warnsummer
4. Warnsummer Fahrschulbetrieb, Gaspedalschalter für Fahrschule, Kupplungspedalschalter für	369
Warnsummer Beifahrerseite, Bremspedalschalter (Warnsummer Beifahrerseite)
036 - Taxiausstattung	370-381
1. Taxiausstattung	370
2. Batterie	371
3. Steuergerät für Sonderfahrzeuge, Schalter für Taxileuchten, Lampe für Taxidachzeichen	372
4. Steuergerät für Sonderfahrzeuge, Taxi-Innenlichtschalter, Taster für Taxialarm aktiv, Taster für	373
Taxialarm-, im Lieferer, Steuergerät für Taxi
5. Steuergerät für Sonderfahrzeuge, Steuergerät für der Fernbedienung für Taxialarm, Taster für	375
Freisprechen
6. Steuergerät für Sonderfahrzeuge, Sprechfunkgerät	376
7. Taxameter, Spiegeltaxameter	377
8. Diagnose-Interface für Datenbus, Anschluß Eigendiagnose, Steuergerät für Datenfunk	378
9. Schalttafeleinsatz, Multifunktionsanzeige, Umfeldlampenrelais	379
10. Einfeldtaxirelaisschalter, Taster für Umfeldlampenrelais	380
12. Anschluß an Benutzerausstattung	381
037 - Fahrschulausstattung Nachrüstung (Fahrzeuge mit Schaltgetriebe)	382-385
1. Fahrschulausstattung Nachrüstung (Fahrzeuge mit Schaltgetriebe)	382
2. Zigarettenanzünder, 12-V-Steckdose	383
3. Relais für Fahrschulbetrieb, Schalter für Fußraumbeleuchtung, Fußraumleuchte für Fahrschule,	384
Schalter für Warnsummer
4. Warnsummer für Fahrschulbetrieb, Gaspedalschalter für Fahrschule, Kupplungspedalschalter für	385
Warnsummer Beifahrerseite, Bremspedalschalter für Warnsummer Beifahrerseite
038 - Sonderausstattung Kripo	386-388
1. Sonderausstattung Kripo	386
2. Relais für Spannungsversorgung Klemme 15, Relais für Spannungsversorgung der Klemme 30,	387
Sicherungen
3. Entlastungsrelais für X-Kontakt, Sicherungen	388
